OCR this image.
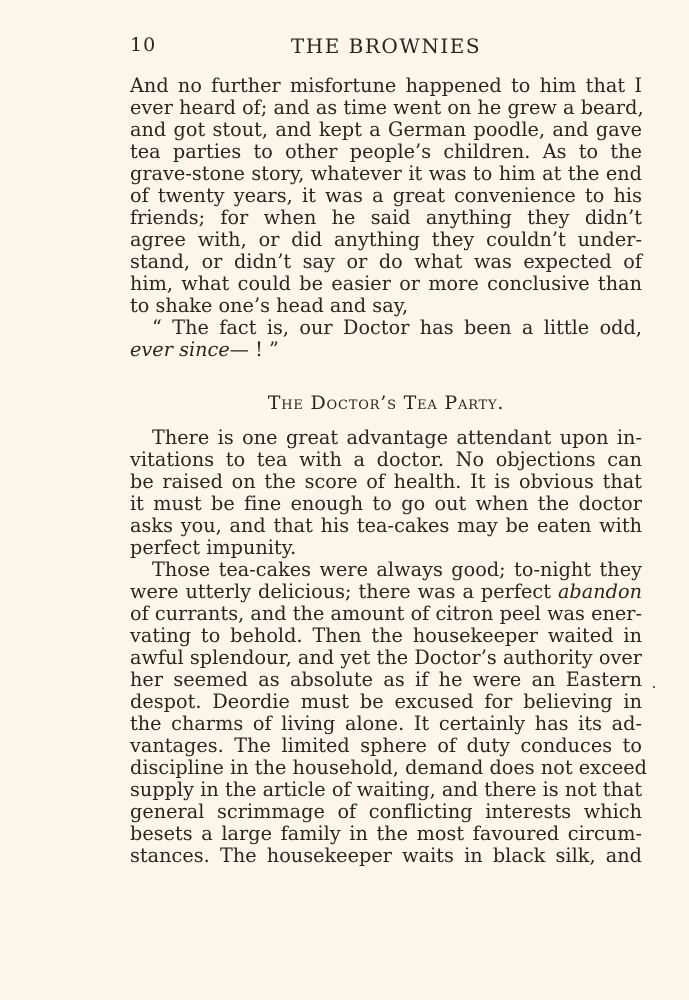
10	THE BROWNIES
And no further misfortune happened to him that I
ever heard of; and as time went on he grew a beard,
and got stout, and kept a German poodle, and gave
tea parties to other people’s children. As to the
grave-stone story, whatever it was to him at the end
of twenty years, it was a great convenience to his
friends; for when he said anything they didn’t
agree with, or did anything they couldn’t under-
stand, or didn’t say or do what was expected of
him, what could be easier or more conclusive than
to shake one’s head and say,
“ The fact is, our Doctor has been a little odd,
ever since— ! ”
The Doctor’s Tea Party.
There is one great advantage attendant upon in-
vitations to tea with a doctor. No objections can
be raised on the score of health. It is obvious that
it must be fine enough to go out when the doctor
asks you, and that his tea-cakes may be eaten with
perfect impunity.
Those tea-cakes were always good; to-night they
were utterly delicious; there was a perfect abandon
of currants, and the amount of citron peel was ener-
vating to behold. Then the housekeeper waited in
awful splendour, and yet the Doctor’s authority over
her seemed as absolute as if he were an Eastern
despot. Deordie must be excused for believing in
the charms of living alone. It certainly has its ad-
vantages. The limited sphere of duty conduces to
discipline in the household, demand does not exceed
supply in the article of waiting, and there is not that
general scrimmage of conflicting interests which
besets a large family in the most favoured circum-
stances. The housekeeper waits in black silk, and
